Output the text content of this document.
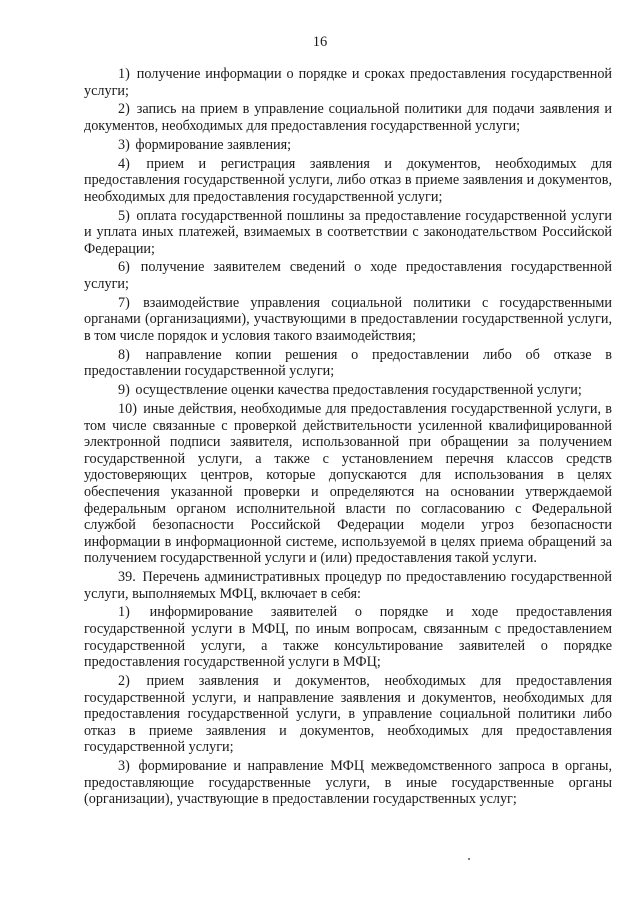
16

1) получение информации о порядке и сроках предоставления государственной услуги;

2) запись на прием в управление социальной политики для подачи заявления и документов, необходимых для предоставления государственной услуги;

3) формирование заявления;

4) прием и регистрация заявления и документов, необходимых для предоставления государственной услуги, либо отказ в приеме заявления и документов, необходимых для предоставления государственной услуги;

5) оплата государственной пошлины за предоставление государственной услуги и уплата иных платежей, взимаемых в соответствии с законодательством Российской Федерации;

6) получение заявителем сведений о ходе предоставления государственной услуги;

7) взаимодействие управления социальной политики с государственными органами (организациями), участвующими в предоставлении государственной услуги, в том числе порядок и условия такого взаимодействия;

8) направление копии решения о предоставлении либо об отказе в предоставлении государственной услуги;

9) осуществление оценки качества предоставления государственной услуги;

10) иные действия, необходимые для предоставления государственной услуги, в том числе связанные с проверкой действительности усиленной квалифицированной электронной подписи заявителя, использованной при обращении за получением государственной услуги, а также с установлением перечня классов средств удостоверяющих центров, которые допускаются для использования в целях обеспечения указанной проверки и определяются на основании утверждаемой федеральным органом исполнительной власти по согласованию с Федеральной службой безопасности Российской Федерации модели угроз безопасности информации в информационной системе, используемой в целях приема обращений за получением государственной услуги и (или) предоставления такой услуги.

39. Перечень административных процедур по предоставлению государственной услуги, выполняемых МФЦ, включает в себя:

1) информирование заявителей о порядке и ходе предоставления государственной услуги в МФЦ, по иным вопросам, связанным с предоставлением государственной услуги, а также консультирование заявителей о порядке предоставления государственной услуги в МФЦ;

2) прием заявления и документов, необходимых для предоставления государственной услуги, и направление заявления и документов, необходимых для предоставления государственной услуги, в управление социальной политики либо отказ в приеме заявления и документов, необходимых для предоставления государственной услуги;

3) формирование и направление МФЦ межведомственного запроса в органы, предоставляющие государственные услуги, в иные государственные органы (организации), участвующие в предоставлении государственных услуг;
